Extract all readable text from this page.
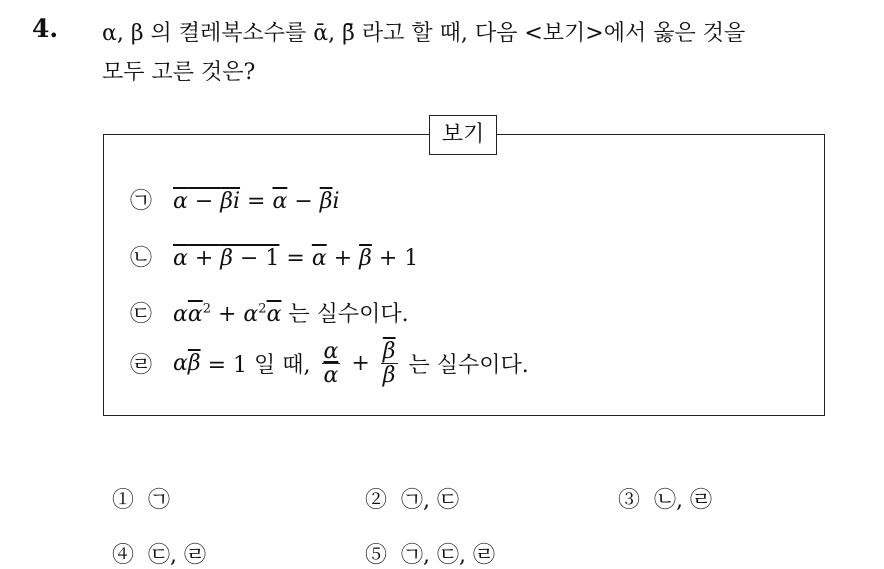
4. α, β 의 켤레복소수를 ᾱ, β̄ 라고 할 때, 다음 <보기>에서 옳은 것을
모두 고른 것은?
보기
㉠ $\alpha - \beta i = \overline{\alpha} - \overline{\beta}i$
㉡ $\alpha + \beta - 1 = \overline{\alpha} + \overline{\beta} + 1$
㉢ $\alpha\overline{\alpha}^2 + \alpha^2\overline{\alpha}$ 는 실수이다.
㉣ $\alpha\overline{\beta} = 1$ 일 때, $\frac{\alpha}{\alpha} + \frac{\overline{\beta}}{\beta}$ 는 실수이다.
① ㉠	② ㉠, ㉢	③ ㉡, ㉣
④ ㉢, ㉣	⑤ ㉠, ㉢, ㉣
